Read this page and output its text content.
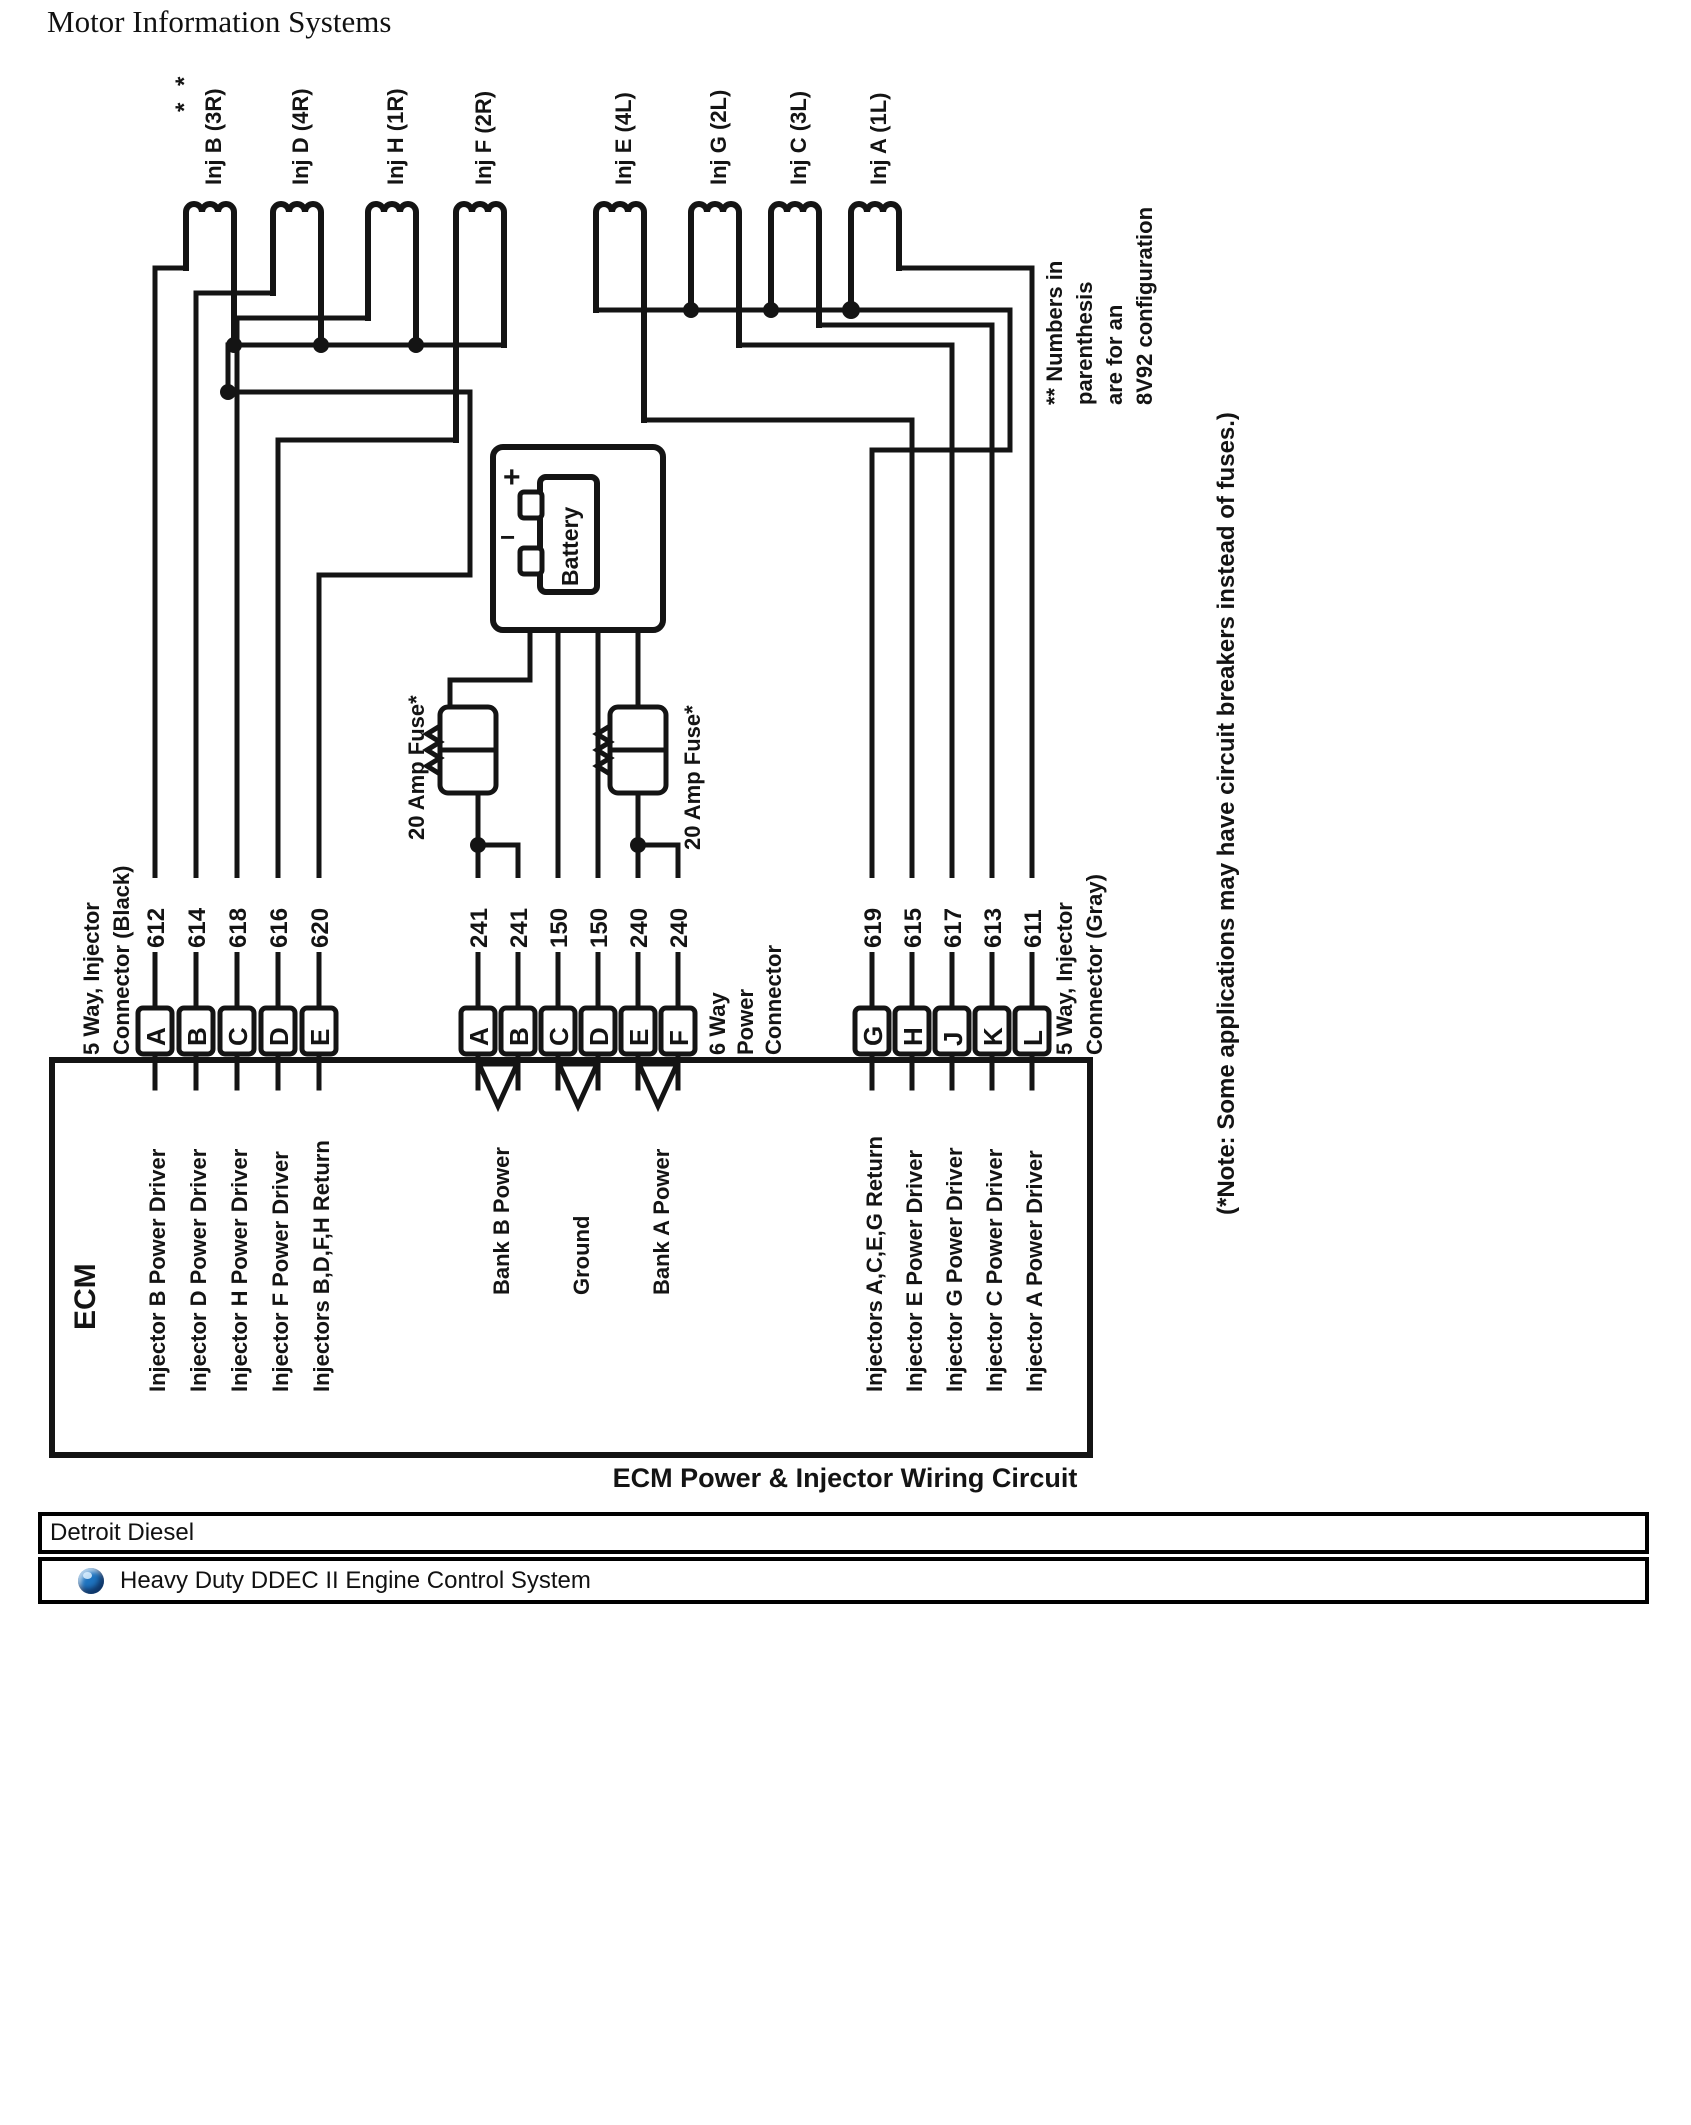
Motor Information Systems
+
− Battery
20 Amp Fuse*	20 Amp Fuse*
612 614 618 616 620	241 241 150 150 240 240	619 615 617 613 611
A B C D E	A B C D E F	G H J K L
ECM
* * Inj B (3R)	Inj D (4R)	Inj H (1R)	Inj F (2R)	Inj E (4L)	Inj G (2L)	Inj C (3L)	Inj A (1L)
5 Way, Injector Connector (Black)	6 Way Power Connector	5 Way, Injector Connector (Gray)
Injector B Power Driver Injector D Power Driver Injector H Power Driver Injector F Power Driver Injectors B,D,F,H Return	Bank B Power	Ground	Bank A Power	Injectors A,C,E,G Return Injector E Power Driver Injector G Power Driver Injector C Power Driver Injector A Power Driver
** Numbers in parenthesis are for an 8V92 configuration
(*Note: Some applications may have circuit breakers instead of fuses.)
ECM Power & Injector Wiring Circuit
Detroit Diesel
Heavy Duty DDEC II Engine Control System
